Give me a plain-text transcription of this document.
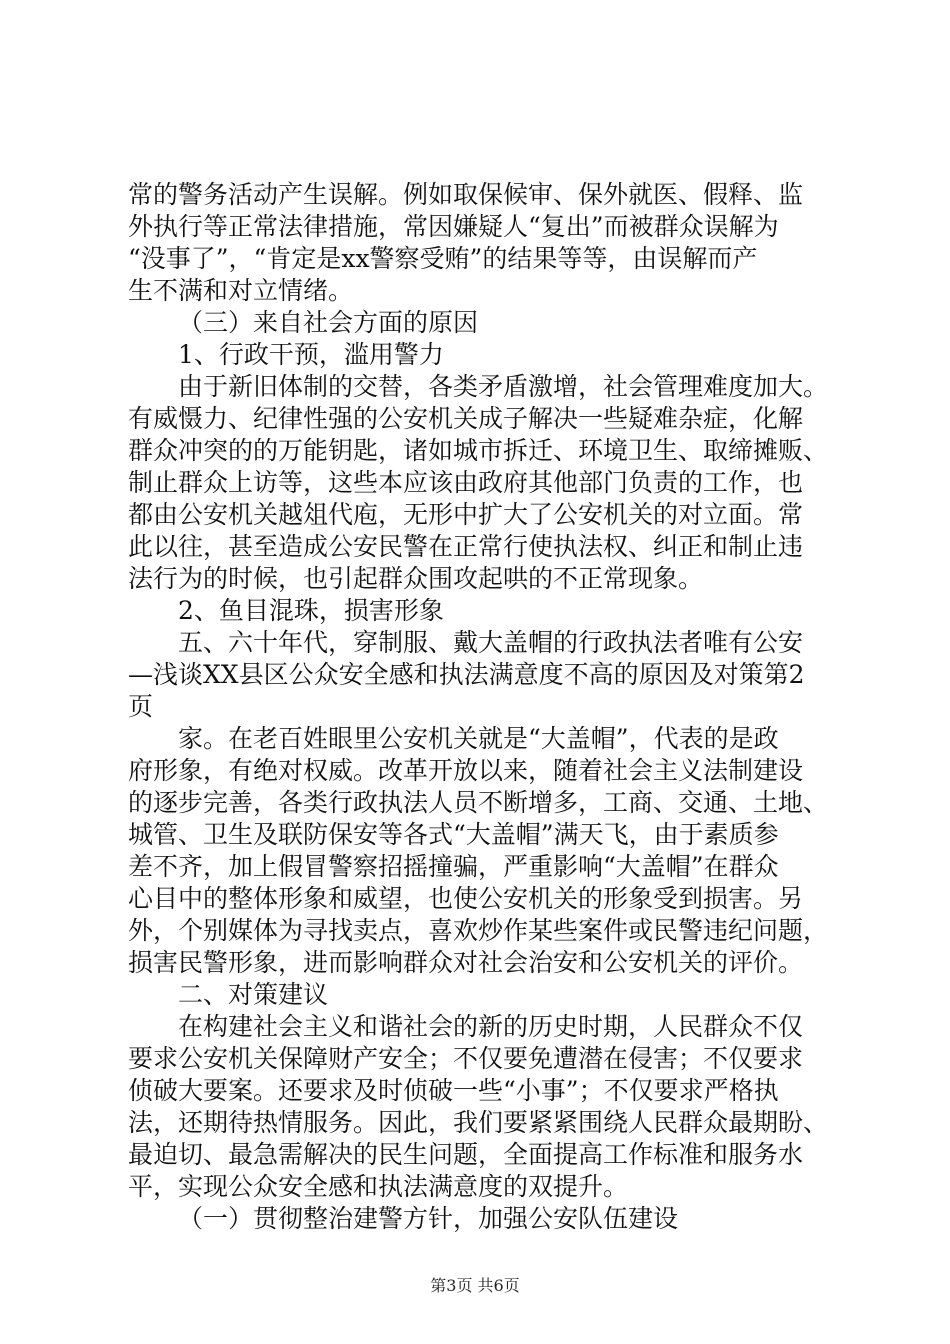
常的警务活动产生误解。例如取保候审、保外就医、假释、监
外执行等正常法律措施，常因嫌疑人“复出”而被群众误解为
“没事了”，“肯定是xx警察受贿”的结果等等，由误解而产
生不满和对立情绪。
（三）来自社会方面的原因
1、行政干预，滥用警力
由于新旧体制的交替，各类矛盾激增，社会管理难度加大。
有威慑力、纪律性强的公安机关成子解决一些疑难杂症，化解
群众冲突的的万能钥匙，诸如城市拆迁、环境卫生、取缔摊贩、
制止群众上访等，这些本应该由政府其他部门负责的工作，也
都由公安机关越俎代庖，无形中扩大了公安机关的对立面。常
此以往，甚至造成公安民警在正常行使执法权、纠正和制止违
法行为的时候，也引起群众围攻起哄的不正常现象。
2、鱼目混珠，损害形象
五、六十年代，穿制服、戴大盖帽的行政执法者唯有公安
—浅谈XX县区公众安全感和执法满意度不高的原因及对策第2
页
家。在老百姓眼里公安机关就是“大盖帽”，代表的是政
府形象，有绝对权威。改革开放以来，随着社会主义法制建设
的逐步完善，各类行政执法人员不断增多，工商、交通、土地、
城管、卫生及联防保安等各式“大盖帽”满天飞，由于素质参
差不齐，加上假冒警察招摇撞骗，严重影响“大盖帽”在群众
心目中的整体形象和威望，也使公安机关的形象受到损害。另
外，个别媒体为寻找卖点，喜欢炒作某些案件或民警违纪问题，
损害民警形象，进而影响群众对社会治安和公安机关的评价。
二、对策建议
在构建社会主义和谐社会的新的历史时期，人民群众不仅
要求公安机关保障财产安全；不仅要免遭潜在侵害；不仅要求
侦破大要案。还要求及时侦破一些“小事”；不仅要求严格执
法，还期待热情服务。因此，我们要紧紧围绕人民群众最期盼、
最迫切、最急需解决的民生问题，全面提高工作标准和服务水
平，实现公众安全感和执法满意度的双提升。
（一）贯彻整治建警方针，加强公安队伍建设
第3页 共6页
